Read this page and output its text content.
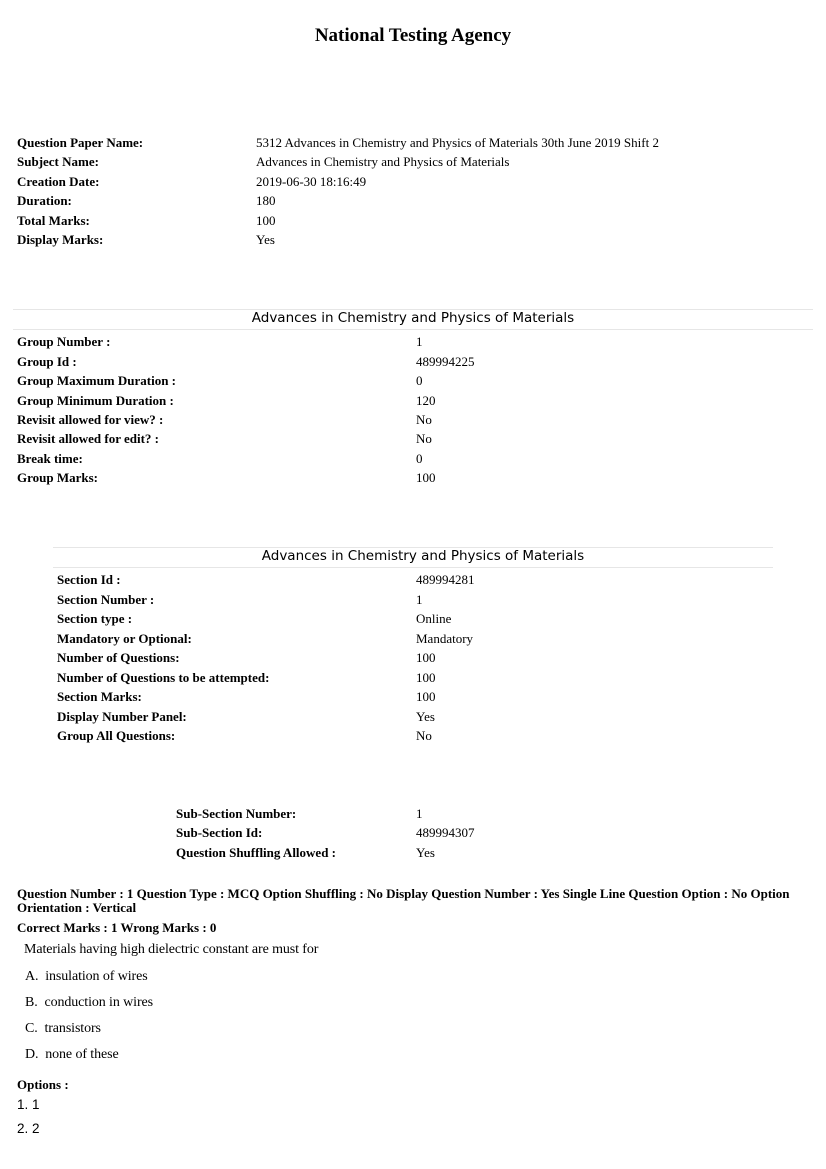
National Testing Agency
Question Paper Name:	5312 Advances in Chemistry and Physics of Materials 30th June 2019 Shift 2
Subject Name:	Advances in Chemistry and Physics of Materials
Creation Date:	2019-06-30 18:16:49
Duration:	180
Total Marks:	100
Display Marks:	Yes
Advances in Chemistry and Physics of Materials
Group Number :	1
Group Id :	489994225
Group Maximum Duration :	0
Group Minimum Duration :	120
Revisit allowed for view? :	No
Revisit allowed for edit? :	No
Break time:	0
Group Marks:	100
Advances in Chemistry and Physics of Materials
Section Id :	489994281
Section Number :	1
Section type :	Online
Mandatory or Optional:	Mandatory
Number of Questions:	100
Number of Questions to be attempted:	100
Section Marks:	100
Display Number Panel:	Yes
Group All Questions:	No
Sub-Section Number:	1
Sub-Section Id:	489994307
Question Shuffling Allowed :	Yes
Question Number : 1 Question Type : MCQ Option Shuffling : No Display Question Number : Yes Single Line Question Option : No Option Orientation : Vertical
Correct Marks : 1 Wrong Marks : 0
Materials having high dielectric constant are must for
A. insulation of wires
B. conduction in wires
C. transistors
D. none of these
Options :
1. 1
2. 2
